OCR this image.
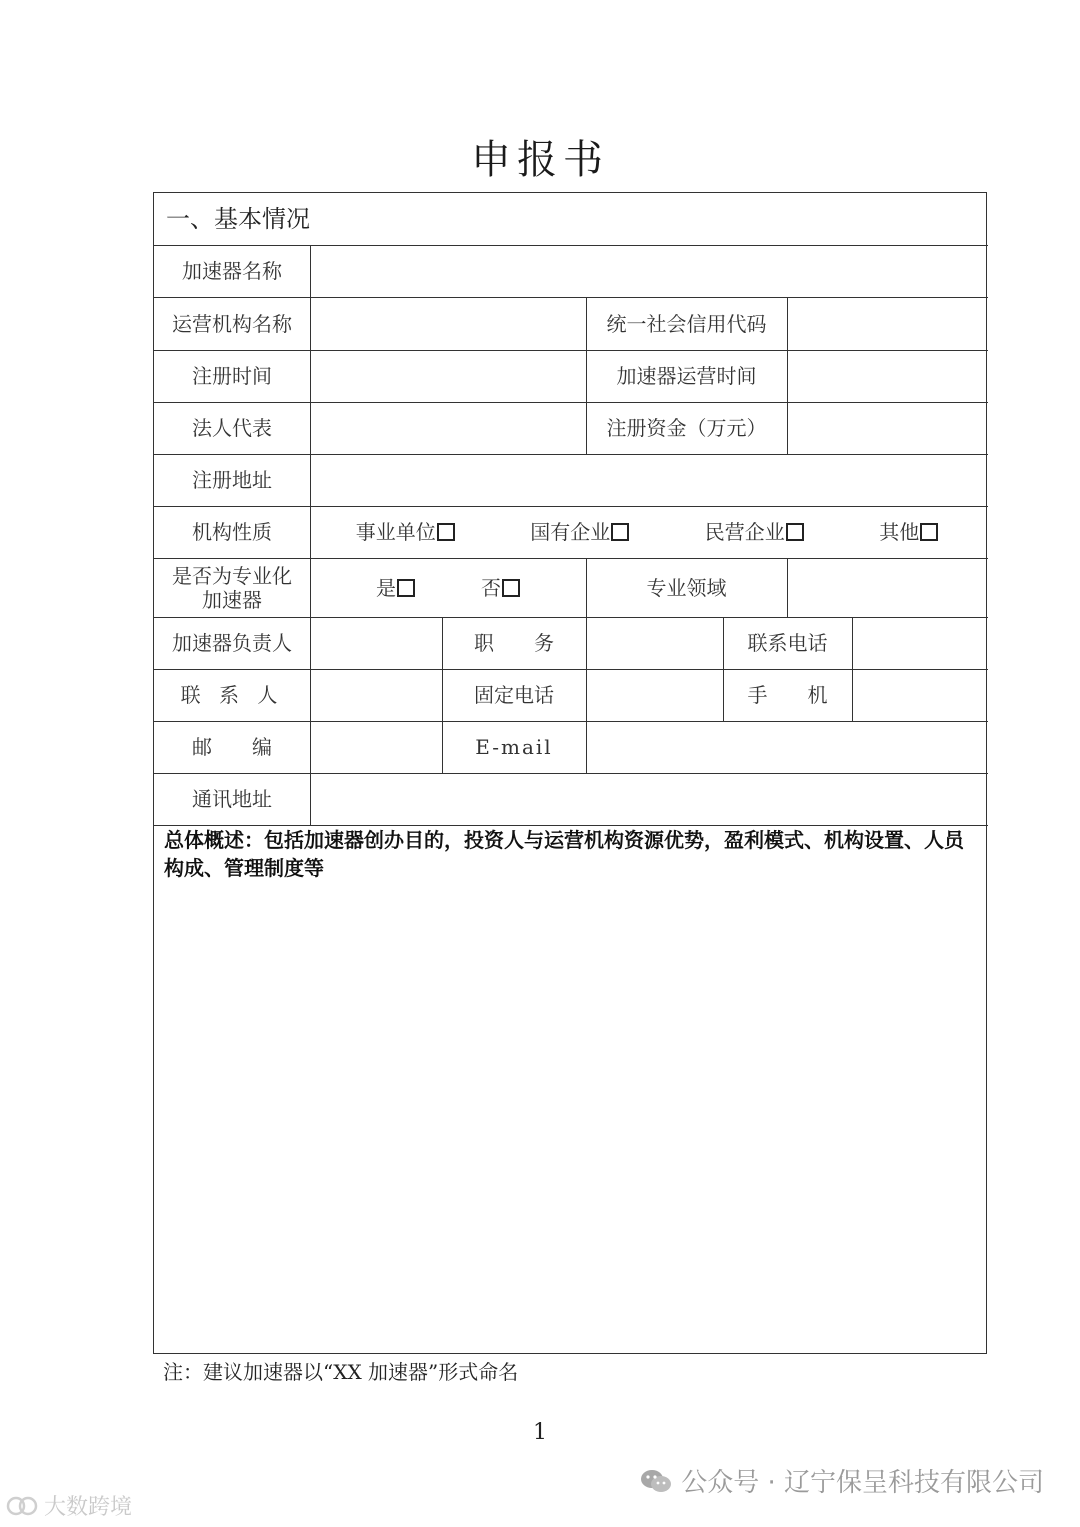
申报书
一、基本情况
加速器名称
运营机构名称	统一社会信用代码
注册时间	加速器运营时间
法人代表	注册资金（万元）
注册地址
机构性质	事业单位	国有企业	民营企业	其他
是否为专业化
加速器	是	否	专业领域
加速器负责人	职　　务	联系电话
联 系 人	固定电话	手　　机
邮　　编	E-mail
通讯地址
总体概述：包括加速器创办目的，投资人与运营机构资源优势，盈利模式、机构设置、人员构成、管理制度等
注：建议加速器以“XX 加速器”形式命名
1
大数跨境
公众号 · 辽宁保呈科技有限公司
